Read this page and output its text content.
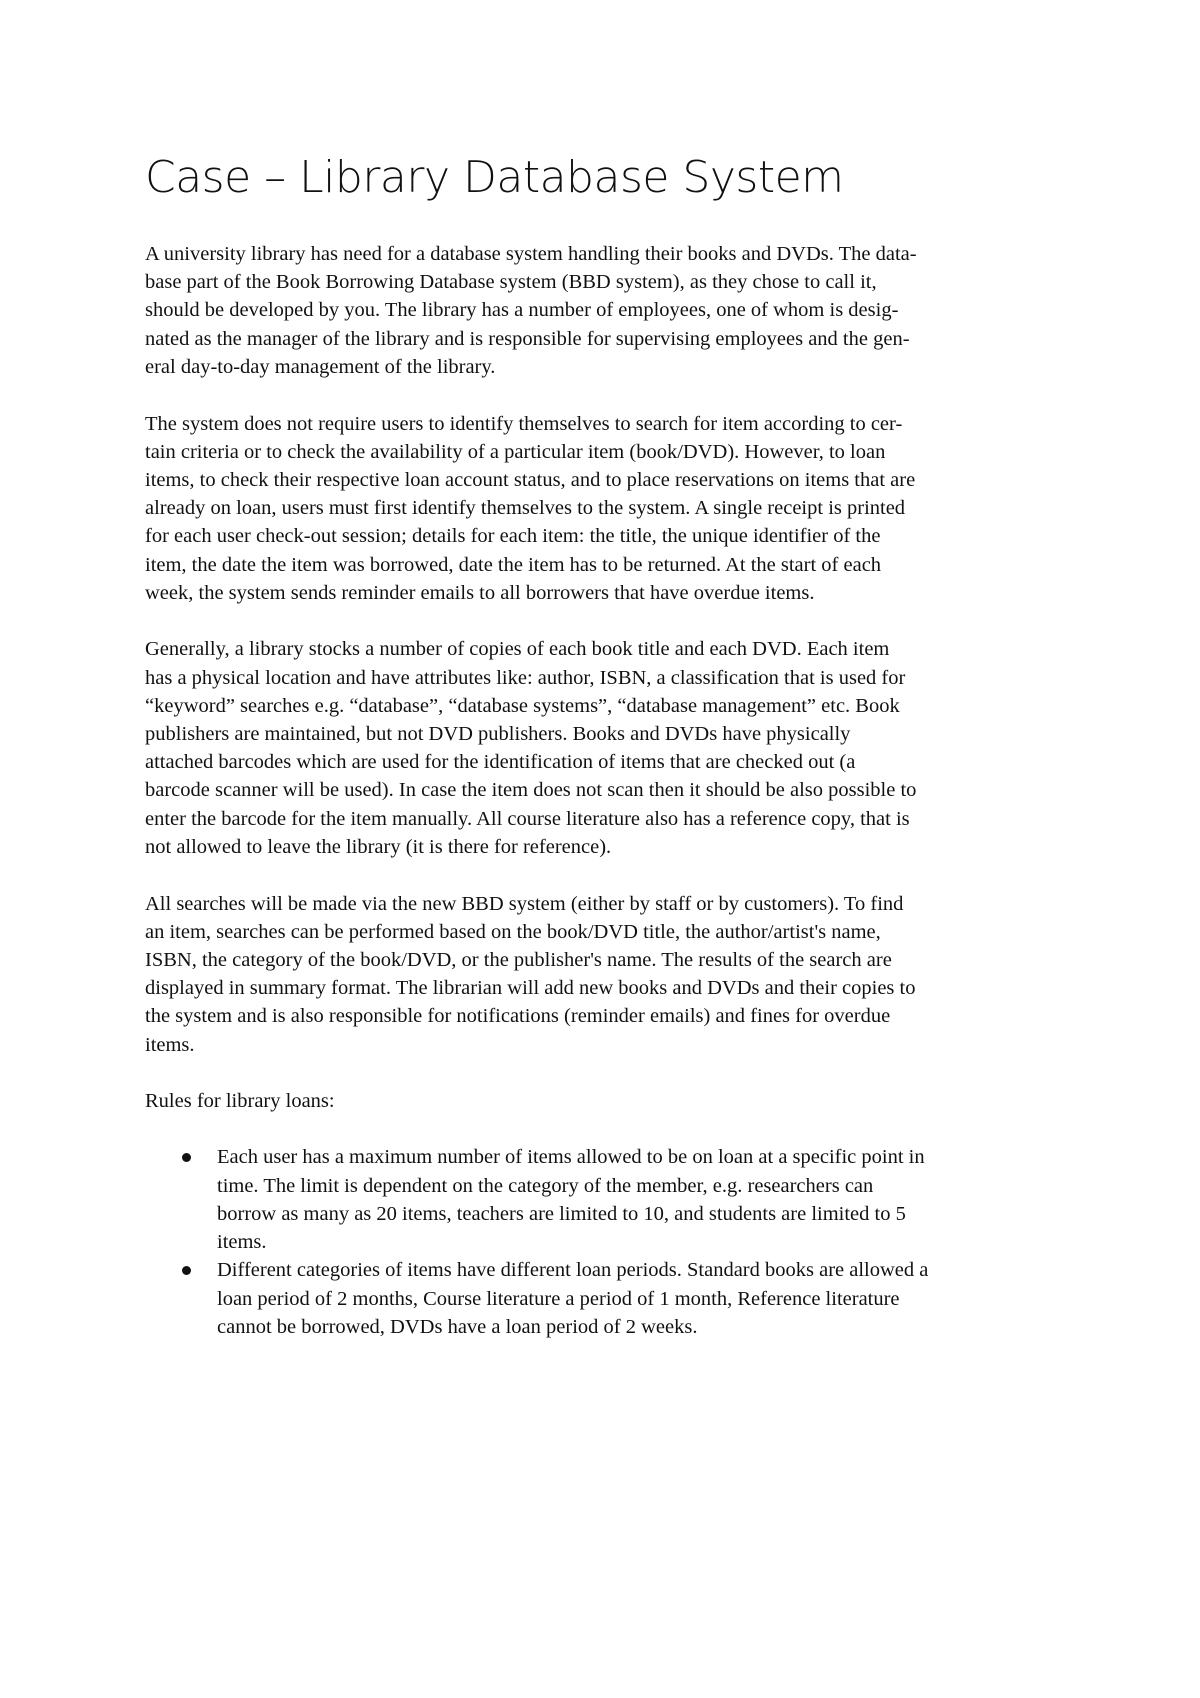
Case – Library Database System
A university library has need for a database system handling their books and DVDs. The data-
base part of the Book Borrowing Database system (BBD system), as they chose to call it,
should be developed by you. The library has a number of employees, one of whom is desig-
nated as the manager of the library and is responsible for supervising employees and the gen-
eral day-to-day management of the library.
The system does not require users to identify themselves to search for item according to cer-
tain criteria or to check the availability of a particular item (book/DVD). However, to loan
items, to check their respective loan account status, and to place reservations on items that are
already on loan, users must first identify themselves to the system. A single receipt is printed
for each user check-out session; details for each item: the title, the unique identifier of the
item, the date the item was borrowed, date the item has to be returned. At the start of each
week, the system sends reminder emails to all borrowers that have overdue items.
Generally, a library stocks a number of copies of each book title and each DVD. Each item
has a physical location and have attributes like: author, ISBN, a classification that is used for
“keyword” searches e.g. “database”, “database systems”, “database management” etc. Book
publishers are maintained, but not DVD publishers. Books and DVDs have physically
attached barcodes which are used for the identification of items that are checked out (a
barcode scanner will be used). In case the item does not scan then it should be also possible to
enter the barcode for the item manually. All course literature also has a reference copy, that is
not allowed to leave the library (it is there for reference).
All searches will be made via the new BBD system (either by staff or by customers). To find
an item, searches can be performed based on the book/DVD title, the author/artist's name,
ISBN, the category of the book/DVD, or the publisher's name. The results of the search are
displayed in summary format. The librarian will add new books and DVDs and their copies to
the system and is also responsible for notifications (reminder emails) and fines for overdue
items.
Rules for library loans:
Each user has a maximum number of items allowed to be on loan at a specific point in
time. The limit is dependent on the category of the member, e.g. researchers can
borrow as many as 20 items, teachers are limited to 10, and students are limited to 5
items.
Different categories of items have different loan periods. Standard books are allowed a
loan period of 2 months, Course literature a period of 1 month, Reference literature
cannot be borrowed, DVDs have a loan period of 2 weeks.
